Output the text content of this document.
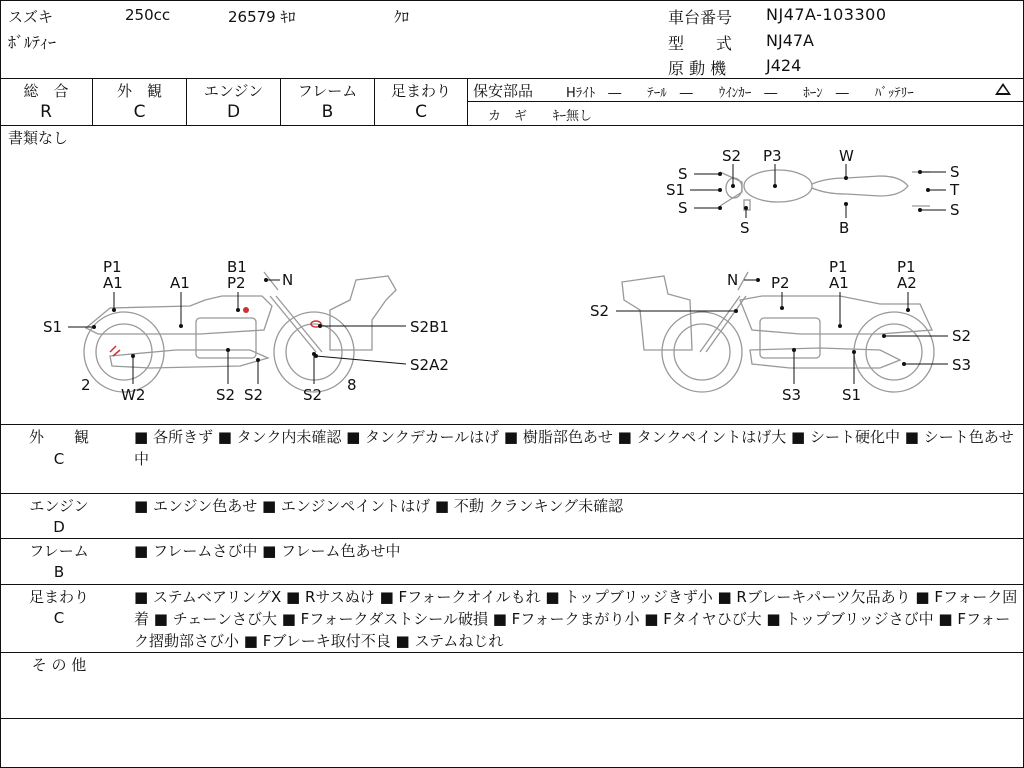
スズキ	250cc	26579 ｷﾛ	ｸﾛ
ﾎﾞﾙﾃｨｰ
車台番号 NJ47A-103300
型　　式 NJ47A
原 動 機 J424
総　合
R
外　観
C
エンジン
D
フレーム
B
足まわり
C
保安部品	Hﾗｲﾄ　―　　ﾃｰﾙ　―　　ｳｲﾝｶｰ　―　　ﾎｰﾝ　―　　ﾊﾞｯﾃﾘｰ
カ　ギ　　ｷｰ無し
書類なし
S2 P3	W
S
S1
S
S	B
S
T
S
P1
A1	A1
B1
P2 N
S1	S2B1
S2A2
2
W2	S2 S2	S2
8
N P2
P1
A1
P1
A2
S2
S2
S3
S3	S1
外　　観
C
■ 各所きず ■ タンク内未確認 ■ タンクデカールはげ ■ 樹脂部色あせ ■ タンクペイントはげ大 ■ シート硬化中 ■ シート色あせ中
エンジン
D
■ エンジン色あせ ■ エンジンペイントはげ ■ 不動 クランキング未確認
フレーム
B
■ フレームさび中 ■ フレーム色あせ中
足まわり
C
■ ステムベアリングX ■ Rサスぬけ ■ Fフォークオイルもれ ■ トップブリッジきず小 ■ Rブレーキパーツ欠品あり ■ Fフォーク固着 ■ チェーンさび大 ■ Fフォークダストシール破損 ■ Fフォークまがり小 ■ Fタイヤひび大 ■ トップブリッジさび中 ■ Fフォーク摺動部さび小 ■ Fブレーキ取付不良 ■ ステムねじれ
そ の 他
